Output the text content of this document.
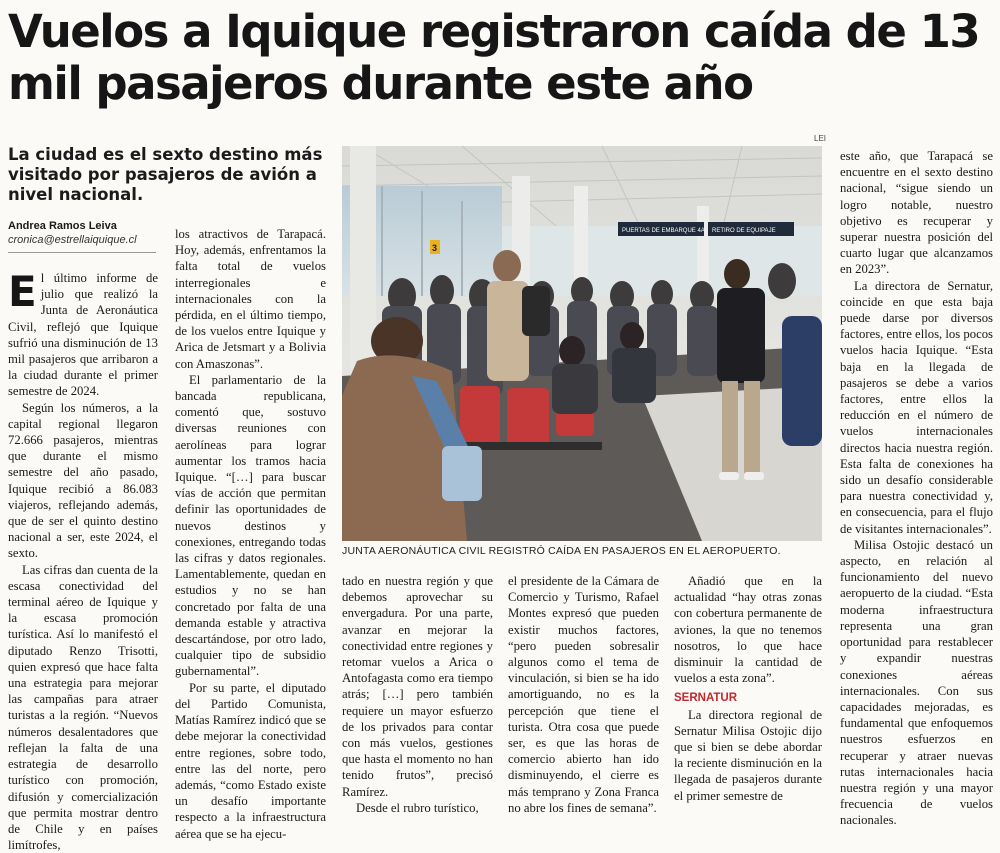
Vuelos a Iquique registraron caída de 13 mil pasajeros durante este año
La ciudad es el sexto destino más visitado por pasajeros de avión a nivel nacional.
Andrea Ramos Leiva
cronica@estrellaiquique.cl

El último informe de julio que realizó la Junta de Aeronáutica Civil, reflejó que Iquique sufrió una disminución de 13 mil pasajeros que arribaron a la ciudad durante el primer semestre de 2024.

Según los números, a la capital regional llegaron 72.666 pasajeros, mientras que durante el mismo semestre del año pasado, Iquique recibió a 86.083 viajeros, reflejando además, que de ser el quinto destino nacional a ser, este 2024, el sexto.

Las cifras dan cuenta de la escasa conectividad del terminal aéreo de Iquique y la escasa promoción turística. Así lo manifestó el diputado Renzo Trisotti, quien expresó que hace falta una estrategia para mejorar las campañas para atraer turistas a la región. “Nuevos números desalentadores que reflejan la falta de una estrategia de desarrollo turístico con promoción, difusión y comercialización que permita mostrar dentro de Chile y en países limítrofes,

los atractivos de Tarapacá. Hoy, además, enfrentamos la falta total de vuelos interregionales e internacionales con la pérdida, en el último tiempo, de los vuelos entre Iquique y Arica de Jetsmart y a Bolivia con Amaszonas”.

El parlamentario de la bancada republicana, comentó que, sostuvo diversas reuniones con aerolíneas para lograr aumentar los tramos hacia Iquique. “[…] para buscar vías de acción que permitan definir las oportunidades de nuevos destinos y conexiones, entregando todas las cifras y datos regionales. Lamentablemente, quedan en estudios y no se han concretado por falta de una demanda estable y atractiva descartándose, por otro lado, cualquier tipo de subsidio gubernamental”.

Por su parte, el diputado del Partido Comunista, Matías Ramírez indicó que se debe mejorar la conectividad entre regiones, sobre todo, entre las del norte, pero además, “como Estado existe un desafío importante respecto a la infraestructura aérea que se ha ejecu-

LEI
PUERTAS DE EMBARQUE 4A RETIRO DE EQUIPAJE
3
JUNTA AERONÁUTICA CIVIL REGISTRÓ CAÍDA EN PASAJEROS EN EL AEROPUERTO.

tado en nuestra región y que debemos aprovechar su envergadura. Por una parte, avanzar en mejorar la conectividad entre regiones y retomar vuelos a Arica o Antofagasta como era tiempo atrás; […] pero también requiere un mayor esfuerzo de los privados para contar con más vuelos, gestiones que hasta el momento no han tenido frutos”, precisó Ramírez.

Desde el rubro turístico,

el presidente de la Cámara de Comercio y Turismo, Rafael Montes expresó que pueden existir muchos factores, “pero pueden sobresalir algunos como el tema de vinculación, si bien se ha ido amortiguando, no es la percepción que tiene el turista. Otra cosa que puede ser, es que las horas de comercio abierto han ido disminuyendo, el cierre es más temprano y Zona Franca no abre los fines de semana”.

Añadió que en la actualidad “hay otras zonas con cobertura permanente de aviones, la que no tenemos nosotros, lo que hace disminuir la cantidad de vuelos a esta zona”.

SERNATUR

La directora regional de Sernatur Milisa Ostojic dijo que si bien se debe abordar la reciente disminución en la llegada de pasajeros durante el primer semestre de

este año, que Tarapacá se encuentre en el sexto destino nacional, “sigue siendo un logro notable, nuestro objetivo es recuperar y superar nuestra posición del cuarto lugar que alcanzamos en 2023”.

La directora de Sernatur, coincide en que esta baja puede darse por diversos factores, entre ellos, los pocos vuelos hacia Iquique. “Esta baja en la llegada de pasajeros se debe a varios factores, entre ellos la reducción en el número de vuelos internacionales directos hacia nuestra región. Esta falta de conexiones ha sido un desafío considerable para nuestra conectividad y, en consecuencia, para el flujo de visitantes internacionales”.

Milisa Ostojic destacó un aspecto, en relación al funcionamiento del nuevo aeropuerto de la ciudad. “Esta moderna infraestructura representa una gran oportunidad para restablecer y expandir nuestras conexiones aéreas internacionales. Con sus capacidades mejoradas, es fundamental que enfoquemos nuestros esfuerzos en recuperar y atraer nuevas rutas internacionales hacia nuestra región y una mayor frecuencia de vuelos nacionales.
